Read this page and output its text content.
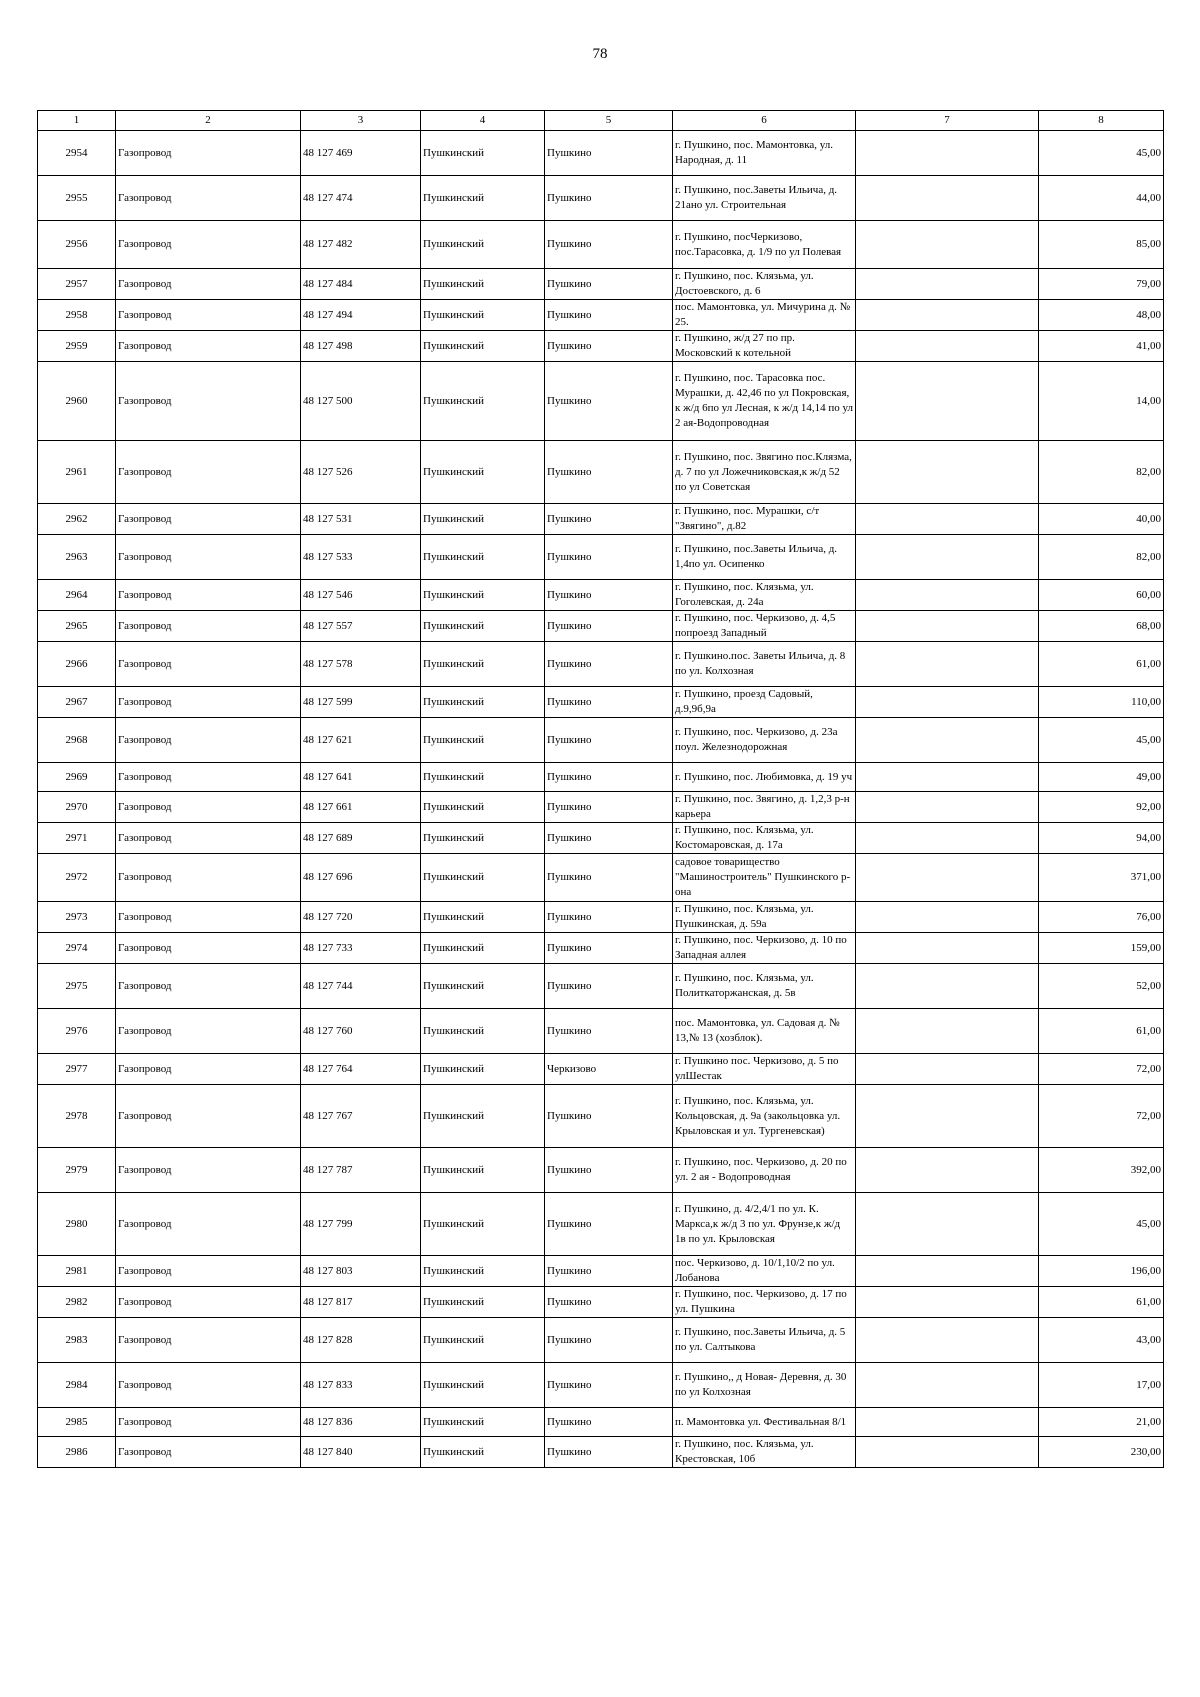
78
1	2	3	4	5	6	7	8
2954	Газопровод	48 127 469	Пушкинский	Пушкино	г. Пушкино, пос. Мамонтовка, ул. Народная, д. 11		45,00
2955	Газопровод	48 127 474	Пушкинский	Пушкино	г. Пушкино, пос.Заветы Ильича, д. 21ано ул. Строительная		44,00
2956	Газопровод	48 127 482	Пушкинский	Пушкино	г. Пушкино, посЧеркизово, пос.Тарасовка, д. 1/9 по ул Полевая		85,00
2957	Газопровод	48 127 484	Пушкинский	Пушкино	г. Пушкино, пос. Клязьма, ул. Достоевского, д. 6		79,00
2958	Газопровод	48 127 494	Пушкинский	Пушкино	пос. Мамонтовка, ул. Мичурина д. № 25.		48,00
2959	Газопровод	48 127 498	Пушкинский	Пушкино	г. Пушкино, ж/д 27 по пр. Московский к котельной		41,00
2960	Газопровод	48 127 500	Пушкинский	Пушкино	г. Пушкино, пос. Тарасовка пос. Мурашки, д. 42,46 по ул Покровская, к ж/д 6по ул Лесная, к ж/д 14,14 по ул 2 ая-Водопроводная		14,00
2961	Газопровод	48 127 526	Пушкинский	Пушкино	г. Пушкино, пос. Звягино пос.Клязма, д. 7 по ул Ложечниковская,к ж/д 52 по ул Советская		82,00
2962	Газопровод	48 127 531	Пушкинский	Пушкино	г. Пушкино, пос. Мурашки, с/т "Звягино", д.82		40,00
2963	Газопровод	48 127 533	Пушкинский	Пушкино	г. Пушкино, пос.Заветы Ильича, д. 1,4по ул. Осипенко		82,00
2964	Газопровод	48 127 546	Пушкинский	Пушкино	г. Пушкино, пос. Клязьма, ул. Гоголевская, д. 24а		60,00
2965	Газопровод	48 127 557	Пушкинский	Пушкино	г. Пушкино, пос. Черкизово, д. 4,5 попроезд Западный		68,00
2966	Газопровод	48 127 578	Пушкинский	Пушкино	г. Пушкино.пос. Заветы Ильича, д. 8 по ул. Колхозная		61,00
2967	Газопровод	48 127 599	Пушкинский	Пушкино	г. Пушкино, проезд Садовый, д.9,9б,9а		110,00
2968	Газопровод	48 127 621	Пушкинский	Пушкино	г. Пушкино, пос. Черкизово, д. 23а поул. Железнодорожная		45,00
2969	Газопровод	48 127 641	Пушкинский	Пушкино	г. Пушкино, пос. Любимовка, д. 19 уч		49,00
2970	Газопровод	48 127 661	Пушкинский	Пушкино	г. Пушкино, пос. Звягино, д. 1,2,3 р-н карьера		92,00
2971	Газопровод	48 127 689	Пушкинский	Пушкино	г. Пушкино, пос. Клязьма, ул. Костомаровская, д. 17а		94,00
2972	Газопровод	48 127 696	Пушкинский	Пушкино	садовое товарищество "Машиностроитель" Пушкинского р-она		371,00
2973	Газопровод	48 127 720	Пушкинский	Пушкино	г. Пушкино, пос. Клязьма, ул. Пушкинская, д. 59а		76,00
2974	Газопровод	48 127 733	Пушкинский	Пушкино	г. Пушкино, пос. Черкизово, д. 10 по Западная аллея		159,00
2975	Газопровод	48 127 744	Пушкинский	Пушкино	г. Пушкино, пос. Клязьма, ул. Политкаторжанская, д. 5в		52,00
2976	Газопровод	48 127 760	Пушкинский	Пушкино	пос. Мамонтовка, ул. Садовая д. № 13,№ 13 (хозблок).		61,00
2977	Газопровод	48 127 764	Пушкинский	Черкизово	г. Пушкино пос. Черкизово, д. 5 по улШестак		72,00
2978	Газопровод	48 127 767	Пушкинский	Пушкино	г. Пушкино, пос. Клязьма, ул. Кольцовская, д. 9а (закольцовка ул. Крыловская и ул. Тургеневская)		72,00
2979	Газопровод	48 127 787	Пушкинский	Пушкино	г. Пушкино, пос. Черкизово, д. 20 по ул. 2 ая - Водопроводная		392,00
2980	Газопровод	48 127 799	Пушкинский	Пушкино	г. Пушкино, д. 4/2,4/1 по ул. К. Маркса,к ж/д 3 по ул. Фрунзе,к ж/д 1в по ул. Крыловская		45,00
2981	Газопровод	48 127 803	Пушкинский	Пушкино	пос. Черкизово, д. 10/1,10/2 по ул. Лобанова		196,00
2982	Газопровод	48 127 817	Пушкинский	Пушкино	г. Пушкино, пос. Черкизово, д. 17 по ул. Пушкина		61,00
2983	Газопровод	48 127 828	Пушкинский	Пушкино	г. Пушкино, пос.Заветы Ильича, д. 5 по ул. Салтыкова		43,00
2984	Газопровод	48 127 833	Пушкинский	Пушкино	г. Пушкино,, д Новая- Деревня, д. 30 по ул Колхозная		17,00
2985	Газопровод	48 127 836	Пушкинский	Пушкино	п. Мамонтовка ул. Фестивальная 8/1		21,00
2986	Газопровод	48 127 840	Пушкинский	Пушкино	г. Пушкино, пос. Клязьма, ул. Крестовская, 10б		230,00
